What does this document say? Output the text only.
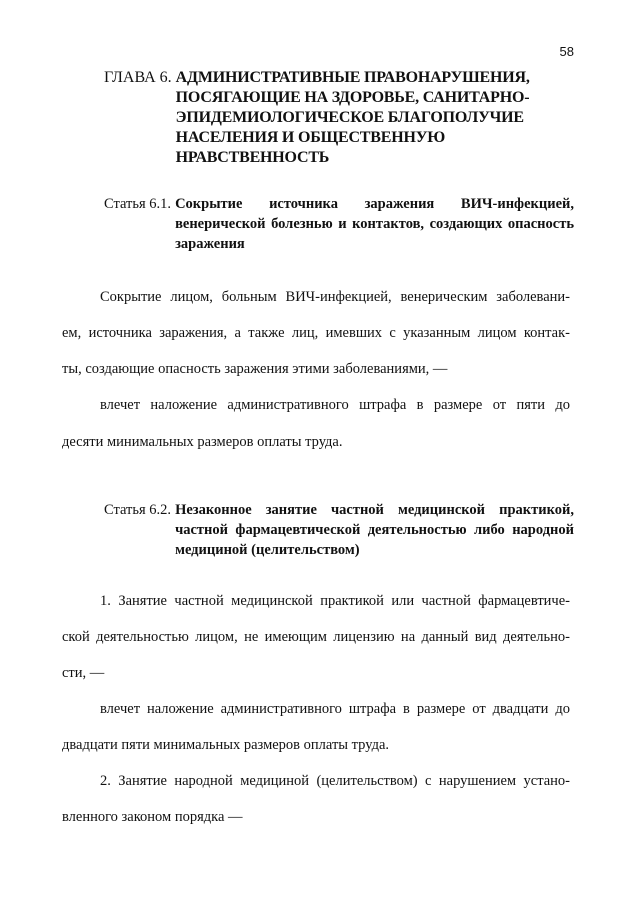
58
ГЛАВА 6. АДМИНИСТРАТИВНЫЕ ПРАВОНАРУШЕНИЯ, ПОСЯГАЮЩИЕ НА ЗДОРОВЬЕ, САНИТАРНО-ЭПИДЕМИОЛОГИЧЕСКОЕ БЛАГОПОЛУЧИЕ НАСЕЛЕНИЯ И ОБЩЕСТВЕННУЮ НРАВСТВЕННОСТЬ
Статья 6.1. Сокрытие источника заражения ВИЧ-инфекцией, венерической болезнью и контактов, создающих опасность заражения
Сокрытие лицом, больным ВИЧ-инфекцией, венерическим заболевани-
ем, источника заражения, а также лиц, имевших с указанным лицом контак-
ты, создающие опасность заражения этими заболеваниями, —
влечет наложение административного штрафа в размере от пяти до
десяти минимальных размеров оплаты труда.
Статья 6.2. Незаконное занятие частной медицинской практикой, частной фармацевтической деятельностью либо народной медициной (целительством)
1. Занятие частной медицинской практикой или частной фармацевтиче-
ской деятельностью лицом, не имеющим лицензию на данный вид деятельно-
сти, —
влечет наложение административного штрафа в размере от двадцати до
двадцати пяти минимальных размеров оплаты труда.
2. Занятие народной медициной (целительством) с нарушением устано-
вленного законом порядка —
